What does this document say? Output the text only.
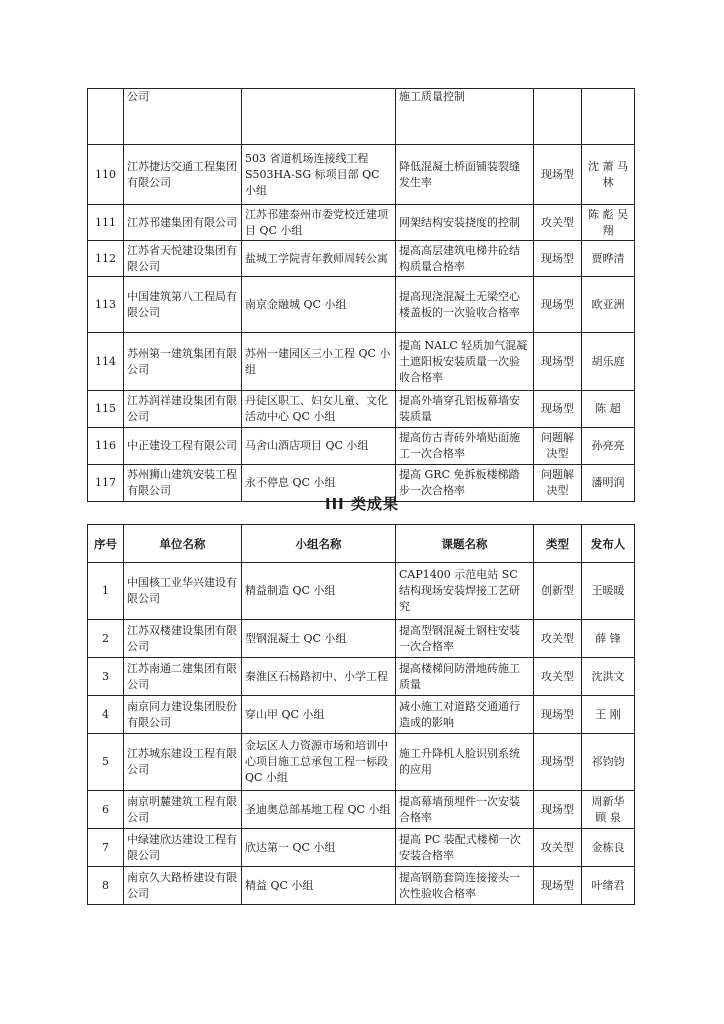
	公司		施工质量控制		
110	江苏捷达交通工程集团有限公司	503 省道机场连接线工程 S503HA-SG 标项目部 QC 小组	降低混凝土桥面铺装裂缝发生率	现场型	沈 萧 马 林
111	江苏邗建集团有限公司	江苏邗建泰州市委党校迁建项目 QC 小组	网架结构安装挠度的控制	攻关型	陈 彪 吴 翔
112	江苏省天悦建设集团有限公司	盐城工学院青年教师周转公寓	提高高层建筑电梯井砼结构质量合格率	现场型	贾晔清
113	中国建筑第八工程局有限公司	南京金融城 QC 小组	提高现浇混凝土无梁空心楼盖板的一次验收合格率	现场型	欧亚洲
114	苏州第一建筑集团有限公司	苏州一建园区三小工程 QC 小组	提高 NALC 轻质加气混凝土遮阳板安装质量一次验收合格率	现场型	胡乐庭
115	江苏润祥建设集团有限公司	丹徒区职工、妇女儿童、文化活动中心 QC 小组	提高外墙穿孔铝板幕墙安装质量	现场型	陈 超
116	中正建设工程有限公司	马舍山酒店项目 QC 小组	提高仿古青砖外墙贴面施工一次合格率	问题解决型	孙亮亮
117	苏州狮山建筑安装工程有限公司	永不停息 QC 小组	提高 GRC 免拆板楼梯踏步一次合格率	问题解决型	潘明润
III 类成果
序号	单位名称	小组名称	课题名称	类型	发布人
1	中国核工业华兴建设有限公司	精益制造 QC 小组	CAP1400 示范电站 SC 结构现场安装焊接工艺研究	创新型	王暖暖
2	江苏双楼建设集团有限公司	型钢混凝土 QC 小组	提高型钢混凝土钢柱安装一次合格率	攻关型	薛 锋
3	江苏南通二建集团有限公司	秦淮区石杨路初中、小学工程	提高楼梯间防滑地砖施工质量	攻关型	沈洪文
4	南京同力建设集团股份有限公司	穿山甲 QC 小组	减小施工对道路交通通行造成的影响	现场型	王 刚
5	江苏城东建设工程有限公司	金坛区人力资源市场和培训中心项目施工总承包工程一标段 QC 小组	施工升降机人脸识别系统的应用	现场型	祁钧钧
6	南京明麓建筑工程有限公司	圣迪奥总部基地工程 QC 小组	提高幕墙预埋件一次安装合格率	现场型	周新华 顾 泉
7	中绿建欣达建设工程有限公司	欣达第一 QC 小组	提高 PC 装配式楼梯一次安装合格率	攻关型	金栋良
8	南京久大路桥建设有限公司	精益 QC 小组	提高钢筋套筒连接接头一次性验收合格率	现场型	叶绪君
